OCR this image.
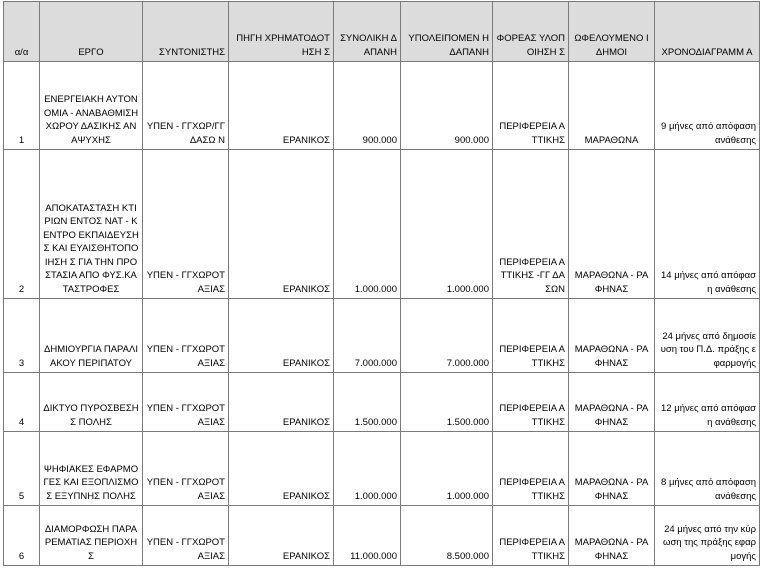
α/α	ΕΡΓΟ	ΣΥΝΤΟΝΙΣΤΗΣ	ΠΗΓΗ ΧΡΗΜΑΤΟΔΟΤΗΣΗ Σ	ΣΥΝΟΛΙΚΗ ΔΑΠΑΝΗ	ΥΠΟΛΕΙΠΟΜΕΝ Η ΔΑΠΑΝΗ	ΦΟΡΕΑΣ ΥΛΟΠΟΙΗΣΗ Σ	ΩΦΕΛΟΥΜΕΝΟ Ι ΔΗΜΟΙ	ΧΡΟΝΟΔΙΑΓΡΑΜΜ Α
1	ΕΝΕΡΓΕΙΑΚΗ ΑΥΤΟΝΟΜΙΑ - ΑΝΑΒΑΘΜΙΣΗ ΧΩΡΟΥ ΔΑΣΙΚΗΣ ΑΝΑΨΥΧΗΣ	ΥΠΕΝ - ΓΓΧΩΡ/ΓΓΔΑΣΩ Ν	ΕΡΑΝΙΚΟΣ	900.000	900.000	ΠΕΡΙΦΕΡΕΙΑ ΑΤΤΙΚΗΣ	ΜΑΡΑΘΩΝΑ	9 μήνες από απόφαση ανάθεσης
2	ΑΠΟΚΑΤΑΣΤΑΣΗ ΚΤΙΡΙΩΝ ΕΝΤΟΣ ΝΑΤ - ΚΕΝΤΡΟ ΕΚΠΑΙΔΕΥΣΗΣ ΚΑΙ ΕΥΑΙΣΘΗΤΟΠΟΙΗΣΗ Σ ΓΙΑ ΤΗΝ ΠΡΟΣΤΑΣΙΑ ΑΠΟ ΦΥΣ.ΚΑΤΑΣΤΡΟΦΕΣ	ΥΠΕΝ - ΓΓΧΩΡΟΤΑΞΙΑΣ	ΕΡΑΝΙΚΟΣ	1.000.000	1.000.000	ΠΕΡΙΦΕΡΕΙΑ ΑΤΤΙΚΗΣ -ΓΓ ΔΑΣΩΝ	ΜΑΡΑΘΩΝΑ - ΡΑΦΗΝΑΣ	14 μήνες από απόφαση ανάθεσης
3	ΔΗΜΙΟΥΡΓΙΑ ΠΑΡΑΛΙΑΚΟΥ ΠΕΡΙΠΑΤΟΥ	ΥΠΕΝ - ΓΓΧΩΡΟΤΑΞΙΑΣ	ΕΡΑΝΙΚΟΣ	7.000.000	7.000.000	ΠΕΡΙΦΕΡΕΙΑ ΑΤΤΙΚΗΣ	ΜΑΡΑΘΩΝΑ - ΡΑΦΗΝΑΣ	24 μήνες από δημοσίευση του Π.Δ. πράξης εφαρμογής
4	ΔΙΚΤΥΟ ΠΥΡΟΣΒΕΣΗΣ ΠΟΛΗΣ	ΥΠΕΝ - ΓΓΧΩΡΟΤΑΞΙΑΣ	ΕΡΑΝΙΚΟΣ	1.500.000	1.500.000	ΠΕΡΙΦΕΡΕΙΑ ΑΤΤΙΚΗΣ	ΜΑΡΑΘΩΝΑ - ΡΑΦΗΝΑΣ	12 μήνες από απόφαση ανάθεσης
5	ΨΗΦΙΑΚΕΣ ΕΦΑΡΜΟΓΕΣ ΚΑΙ ΕΞΟΠΛΙΣΜΟΣ ΕΞΥΠΝΗΣ ΠΟΛΗΣ	ΥΠΕΝ - ΓΓΧΩΡΟΤΑΞΙΑΣ	ΕΡΑΝΙΚΟΣ	1.000.000	1.000.000	ΠΕΡΙΦΕΡΕΙΑ ΑΤΤΙΚΗΣ	ΜΑΡΑΘΩΝΑ - ΡΑΦΗΝΑΣ	8 μήνες από απόφαση ανάθεσης
6	ΔΙΑΜΟΡΦΩΣΗ ΠΑΡΑΡΕΜΑΤΙΑΣ ΠΕΡΙΟΧΗΣ	ΥΠΕΝ - ΓΓΧΩΡΟΤΑΞΙΑΣ	ΕΡΑΝΙΚΟΣ	11.000.000	8.500.000	ΠΕΡΙΦΕΡΕΙΑ ΑΤΤΙΚΗΣ	ΜΑΡΑΘΩΝΑ - ΡΑΦΗΝΑΣ	24 μήνες από την κύρωση της πράξης εφαρμογής
